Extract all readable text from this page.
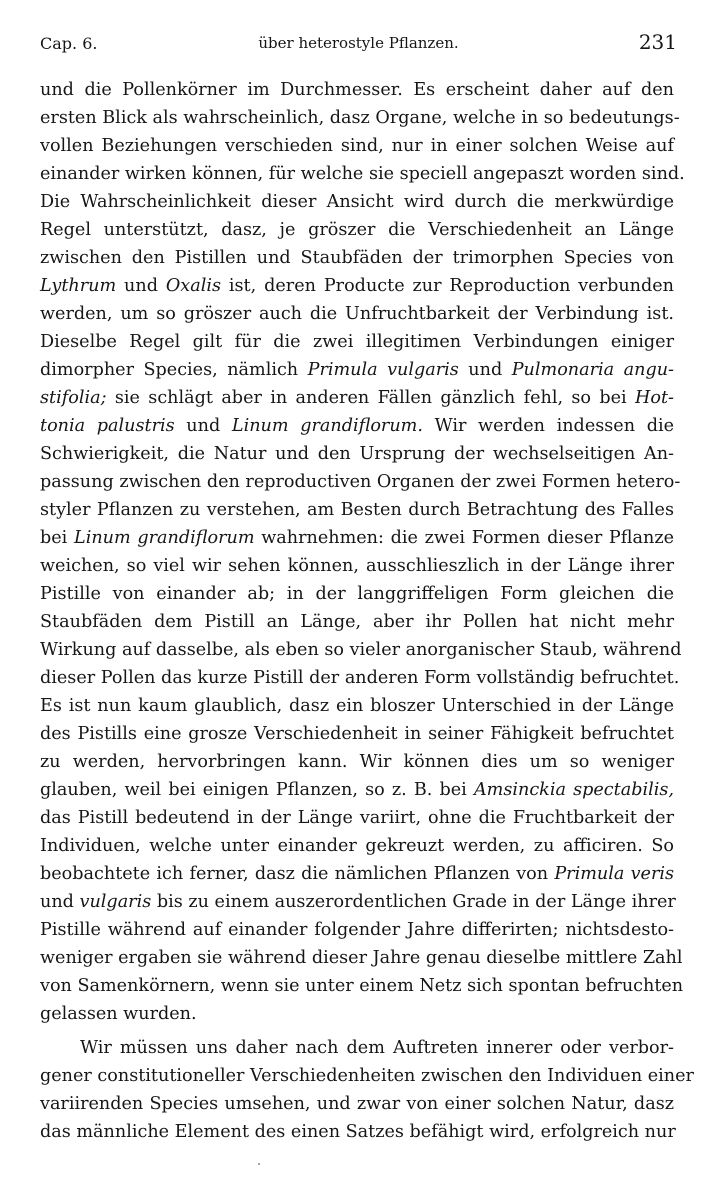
Cap. 6.	über heterostyle Pflanzen.	231
und die Pollenkörner im Durchmesser. Es erscheint daher auf den
ersten Blick als wahrscheinlich, dasz Organe, welche in so bedeutungs-
vollen Beziehungen verschieden sind, nur in einer solchen Weise auf
einander wirken können, für welche sie speciell angepaszt worden sind.
Die Wahrscheinlichkeit dieser Ansicht wird durch die merkwürdige
Regel unterstützt, dasz, je gröszer die Verschiedenheit an Länge
zwischen den Pistillen und Staubfäden der trimorphen Species von
Lythrum und Oxalis ist, deren Producte zur Reproduction verbunden
werden, um so gröszer auch die Unfruchtbarkeit der Verbindung ist.
Dieselbe Regel gilt für die zwei illegitimen Verbindungen einiger
dimorpher Species, nämlich Primula vulgaris und Pulmonaria angu-
stifolia; sie schlägt aber in anderen Fällen gänzlich fehl, so bei Hot-
tonia palustris und Linum grandiflorum. Wir werden indessen die
Schwierigkeit, die Natur und den Ursprung der wechselseitigen An-
passung zwischen den reproductiven Organen der zwei Formen hetero-
styler Pflanzen zu verstehen, am Besten durch Betrachtung des Falles
bei Linum grandiflorum wahrnehmen: die zwei Formen dieser Pflanze
weichen, so viel wir sehen können, ausschlieszlich in der Länge ihrer
Pistille von einander ab; in der langgriffeligen Form gleichen die
Staubfäden dem Pistill an Länge, aber ihr Pollen hat nicht mehr
Wirkung auf dasselbe, als eben so vieler anorganischer Staub, während
dieser Pollen das kurze Pistill der anderen Form vollständig befruchtet.
Es ist nun kaum glaublich, dasz ein bloszer Unterschied in der Länge
des Pistills eine grosze Verschiedenheit in seiner Fähigkeit befruchtet
zu werden, hervorbringen kann. Wir können dies um so weniger
glauben, weil bei einigen Pflanzen, so z. B. bei Amsinckia spectabilis,
das Pistill bedeutend in der Länge variirt, ohne die Fruchtbarkeit der
Individuen, welche unter einander gekreuzt werden, zu afficiren. So
beobachtete ich ferner, dasz die nämlichen Pflanzen von Primula veris
und vulgaris bis zu einem auszerordentlichen Grade in der Länge ihrer
Pistille während auf einander folgender Jahre differirten; nichtsdesto-
weniger ergaben sie während dieser Jahre genau dieselbe mittlere Zahl
von Samenkörnern, wenn sie unter einem Netz sich spontan befruchten
gelassen wurden.
Wir müssen uns daher nach dem Auftreten innerer oder verbor-
gener constitutioneller Verschiedenheiten zwischen den Individuen einer
variirenden Species umsehen, und zwar von einer solchen Natur, dasz
das männliche Element des einen Satzes befähigt wird, erfolgreich nur
